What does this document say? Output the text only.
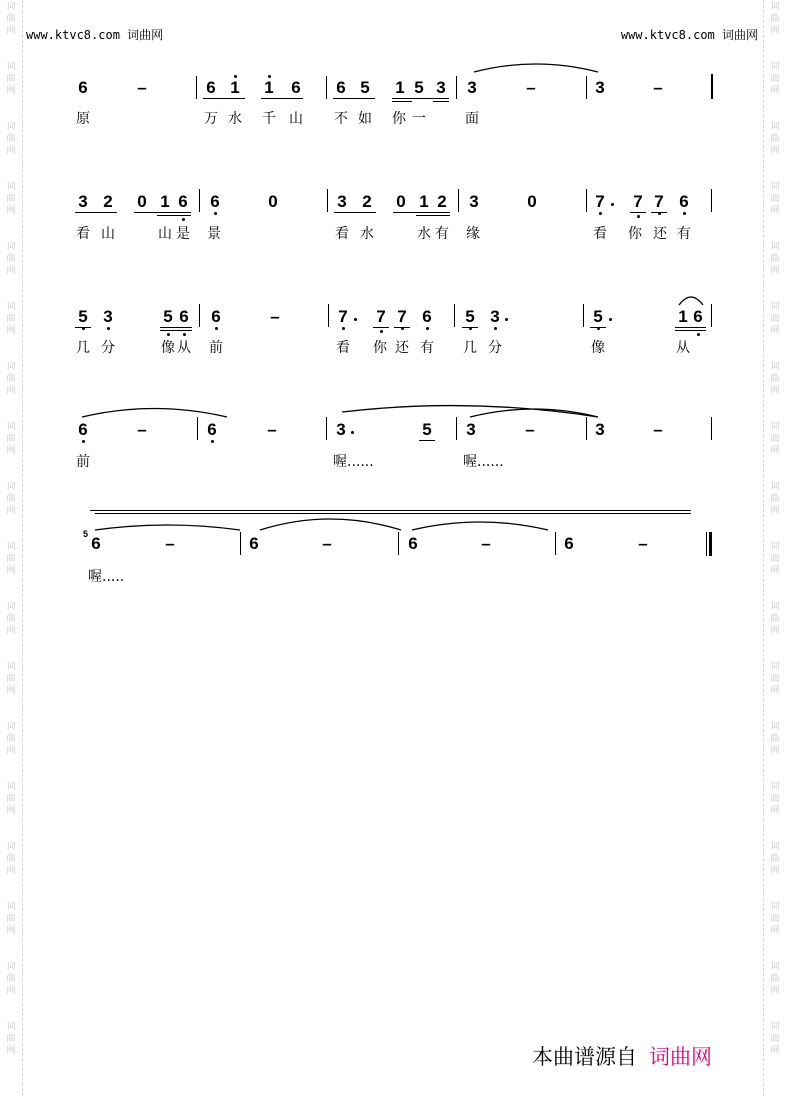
www.ktvc8.com 词曲网	www.ktvc8.com 词曲网
词
曲
网
词
曲
网
词
曲
网
词
曲
网
词
曲
网
词
曲
网
词
曲
网
词
曲
网
词
曲
网
词
曲
网
词
曲
网
词
曲
网
词
曲
网
词
曲
网
词
曲
网
词
曲
网
词
曲
网
词
曲
网
词
曲
网
词
曲
网
词
曲
网
词
曲
网
词
曲
网
词
曲
网
词
曲
网
词
曲
网
词
曲
网
词
曲
网
词
曲
网
词
曲
网
词
曲
网
词
曲
网
词
曲
网
词
曲
网
词
曲
网
词
曲
网
6	–	6 1 1 6 6 5 1 5 3 3	–	3	–
原	万 水 千 山 不 如 你 一	面
3 2 0 1 6 6	0	3 2 0 1 2 3	0	7 7 7 6
看 山	山 是 景	看 水	水 有 缘	看 你 还 有
5 3	5 6 6	–	7 7 7 6 5 3	5	1 6
几 分	像 从 前	看 你 还 有 几 分	像	从
6	–	6	–	3	5 3	–	3	–
前	喔......	喔......
5 6	–	6	–	6	–	6	–
喔.....
本曲谱源自 词曲网
